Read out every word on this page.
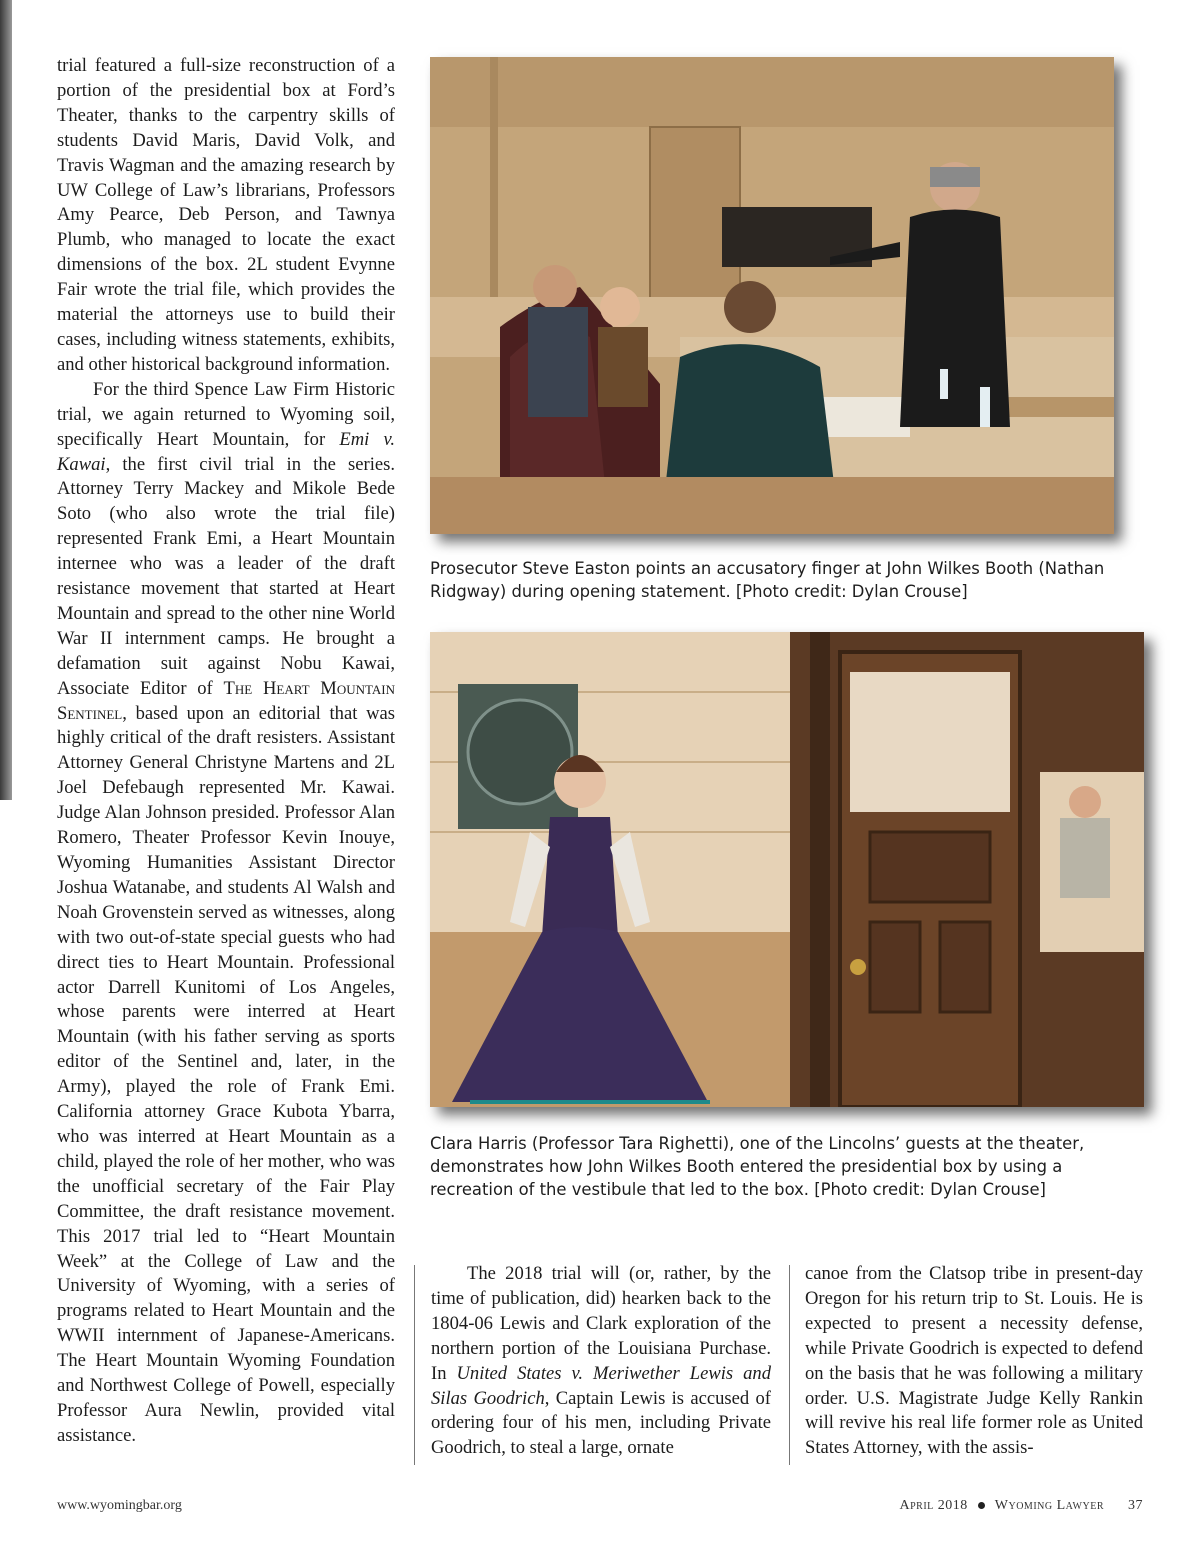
trial featured a full-size reconstruction of a portion of the presidential box at Ford’s Theater, thanks to the carpentry skills of students David Maris, David Volk, and Travis Wagman and the amazing research by UW College of Law’s librarians, Professors Amy Pearce, Deb Person, and Tawnya Plumb, who managed to locate the exact dimensions of the box. 2L student Evynne Fair wrote the trial file, which provides the material the attorneys use to build their cases, including witness statements, exhibits, and other historical background information.

For the third Spence Law Firm Historic trial, we again returned to Wyoming soil, specifically Heart Mountain, for Emi v. Kawai, the first civil trial in the series. Attorney Terry Mackey and Mikole Bede Soto (who also wrote the trial file) represented Frank Emi, a Heart Mountain internee who was a leader of the draft resistance movement that started at Heart Mountain and spread to the other nine World War II internment camps. He brought a defamation suit against Nobu Kawai, Associate Editor of The Heart Mountain Sentinel, based upon an editorial that was highly critical of the draft resisters. Assistant Attorney General Christyne Martens and 2L Joel Defebaugh represented Mr. Kawai. Judge Alan Johnson presided. Professor Alan Romero, Theater Professor Kevin Inouye, Wyoming Humanities Assistant Director Joshua Watanabe, and students Al Walsh and Noah Grovenstein served as witnesses, along with two out-of-state special guests who had direct ties to Heart Mountain. Professional actor Darrell Kunitomi of Los Angeles, whose parents were interred at Heart Mountain (with his father serving as sports editor of the Sentinel and, later, in the Army), played the role of Frank Emi. California attorney Grace Kubota Ybarra, who was interred at Heart Mountain as a child, played the role of her mother, who was the unofficial secretary of the Fair Play Committee, the draft resistance movement. This 2017 trial led to “Heart Mountain Week” at the College of Law and the University of Wyoming, with a series of programs related to Heart Mountain and the WWII internment of Japanese-Americans. The Heart Mountain Wyoming Foundation and Northwest College of Powell, especially Professor Aura Newlin, provided vital assistance.

Prosecutor Steve Easton points an accusatory finger at John Wilkes Booth (Nathan Ridgway) during opening statement. [Photo credit: Dylan Crouse]
Clara Harris (Professor Tara Righetti), one of the Lincolns’ guests at the theater, demonstrates how John Wilkes Booth entered the presidential box by using a recreation of the vestibule that led to the box. [Photo credit: Dylan Crouse]

The 2018 trial will (or, rather, by the time of publication, did) hearken back to the 1804-06 Lewis and Clark exploration of the northern portion of the Louisiana Purchase. In United States v. Meriwether Lewis and Silas Goodrich, Captain Lewis is accused of ordering four of his men, including Private Goodrich, to steal a large, ornate

canoe from the Clatsop tribe in present-day Oregon for his return trip to St. Louis. He is expected to present a necessity defense, while Private Goodrich is expected to defend on the basis that he was following a military order. U.S. Magistrate Judge Kelly Rankin will revive his real life former role as United States Attorney, with the assis-

www.wyomingbar.org	April 2018 Wyoming Lawyer 37
